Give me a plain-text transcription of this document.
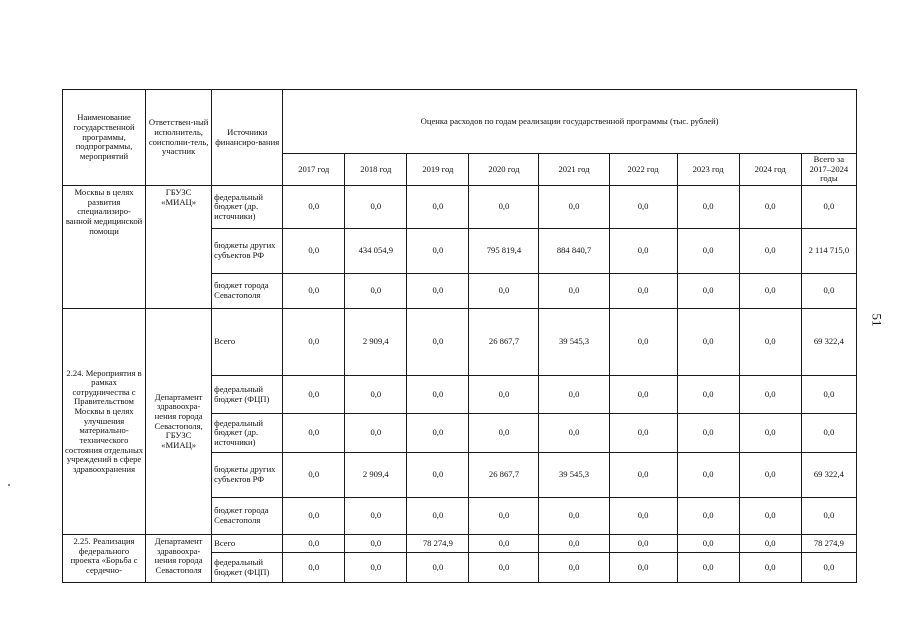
51
Наименование государственной программы, подпрограммы, мероприятий	Ответствен-ный исполнитель, соисполни-тель, участник	Источники финансиро-вания	Оценка расходов по годам реализации государственной программы (тыс. рублей)								
			2017 год	2018 год	2019 год	2020 год	2021 год	2022 год	2023 год	2024 год	Всего за 2017–2024 годы
Москвы в целях развития специализиро-ванной медицинской помощи	ГБУЗС «МИАЦ»	федеральный бюджет (др. источники)	0,0	0,0	0,0	0,0	0,0	0,0	0,0	0,0	0,0
		бюджеты других субъектов РФ	0,0	434 054,9	0,0	795 819,4	884 840,7	0,0	0,0	0,0	2 114 715,0
		бюджет города Севастополя	0,0	0,0	0,0	0,0	0,0	0,0	0,0	0,0	0,0
2.24. Мероприятия в рамках сотрудничества с Правительством Москвы в целях улучшения материально-технического состояния отдельных учреждений в сфере здравоохранения	Департамент здравоохра-нения города Севастополя, ГБУЗС «МИАЦ»	Всего	0,0	2 909,4	0,0	26 867,7	39 545,3	0,0	0,0	0,0	69 322,4
		федеральный бюджет (ФЦП)	0,0	0,0	0,0	0,0	0,0	0,0	0,0	0,0	0,0
		федеральный бюджет (др. источники)	0,0	0,0	0,0	0,0	0,0	0,0	0,0	0,0	0,0
		бюджеты других субъектов РФ	0,0	2 909,4	0,0	26 867,7	39 545,3	0,0	0,0	0,0	69 322,4
		бюджет города Севастополя	0,0	0,0	0,0	0,0	0,0	0,0	0,0	0,0	0,0
2.25. Реализация федерального проекта «Борьба с сердечно-	Департамент здравоохра-нения города Севастополя	Всего	0,0	0,0	78 274,9	0,0	0,0	0,0	0,0	0,0	78 274,9
		федеральный бюджет (ФЦП)	0,0	0,0	0,0	0,0	0,0	0,0	0,0	0,0	0,0
